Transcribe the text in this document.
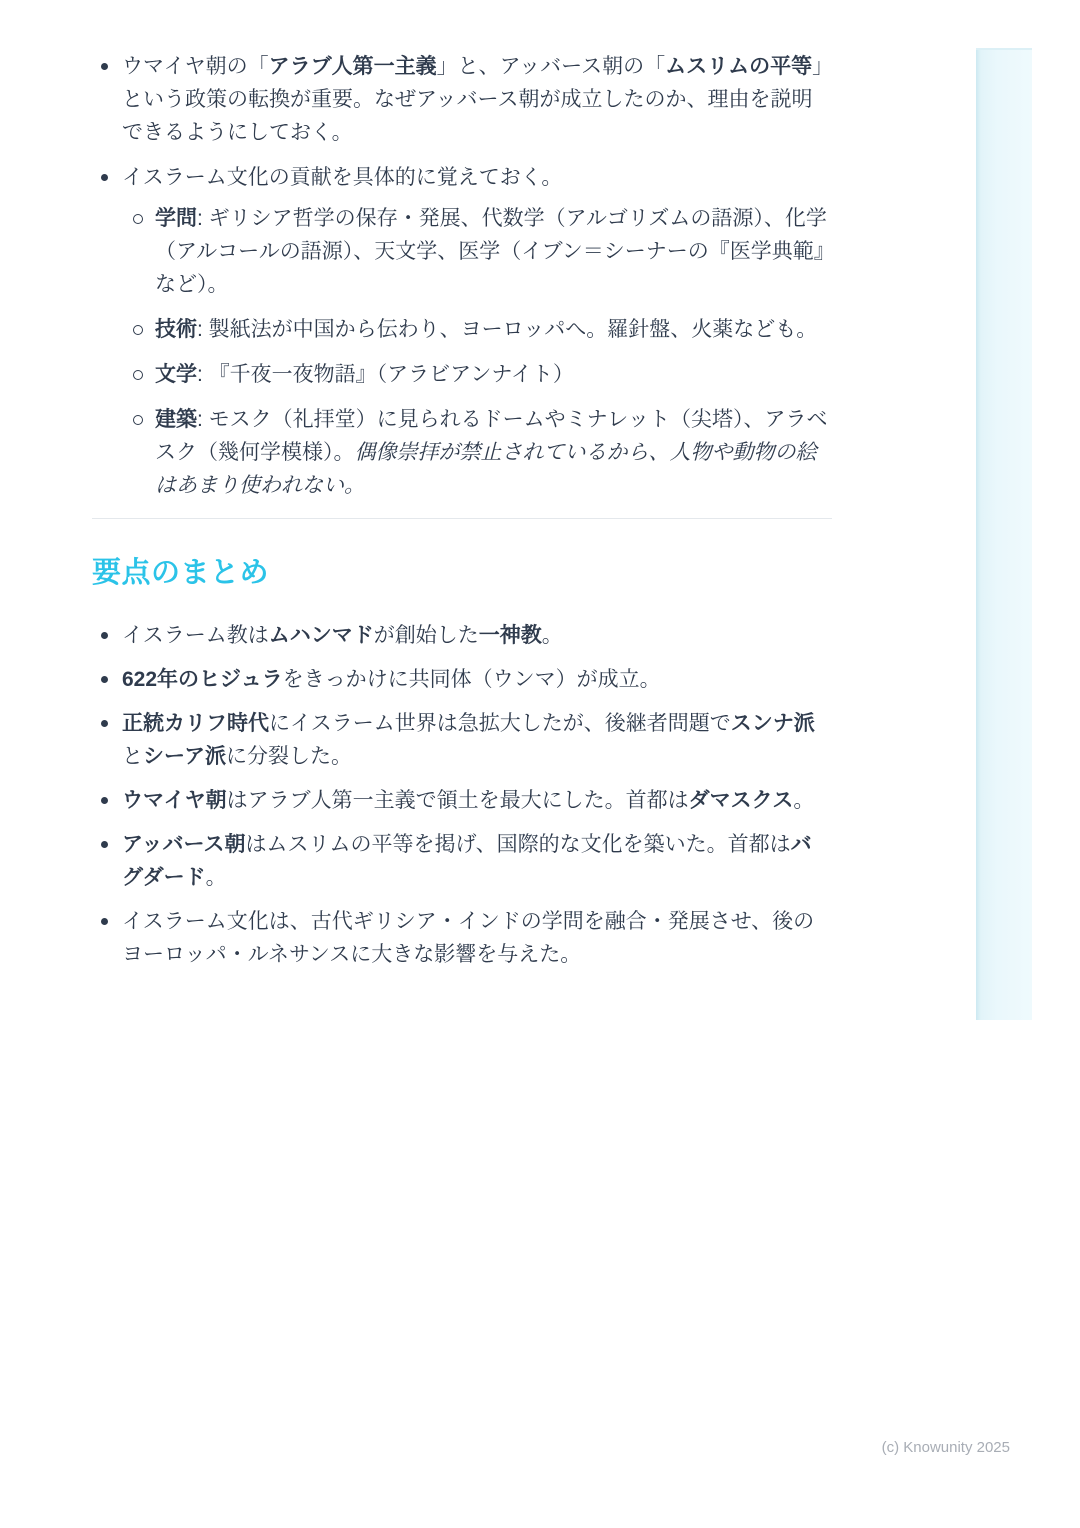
ウマイヤ朝の「アラブ人第一主義」と、アッバース朝の「ムスリムの平等」という政策の転換が重要。なぜアッバース朝が成立したのか、理由を説明できるようにしておく。
イスラーム文化の貢献を具体的に覚えておく。
学問: ギリシア哲学の保存・発展、代数学（アルゴリズムの語源）、化学（アルコールの語源）、天文学、医学（イブン＝シーナーの『医学典範』など）。
技術: 製紙法が中国から伝わり、ヨーロッパへ。羅針盤、火薬なども。
文学: 『千夜一夜物語』（アラビアンナイト）
建築: モスク（礼拝堂）に見られるドームやミナレット（尖塔）、アラベスク（幾何学模様）。偶像崇拝が禁止されているから、人物や動物の絵はあまり使われない。
要点のまとめ
イスラーム教はムハンマドが創始した一神教。
622年のヒジュラをきっかけに共同体（ウンマ）が成立。
正統カリフ時代にイスラーム世界は急拡大したが、後継者問題でスンナ派とシーア派に分裂した。
ウマイヤ朝はアラブ人第一主義で領土を最大にした。首都はダマスクス。
アッバース朝はムスリムの平等を掲げ、国際的な文化を築いた。首都はバグダード。
イスラーム文化は、古代ギリシア・インドの学問を融合・発展させ、後のヨーロッパ・ルネサンスに大きな影響を与えた。
(c) Knowunity 2025
